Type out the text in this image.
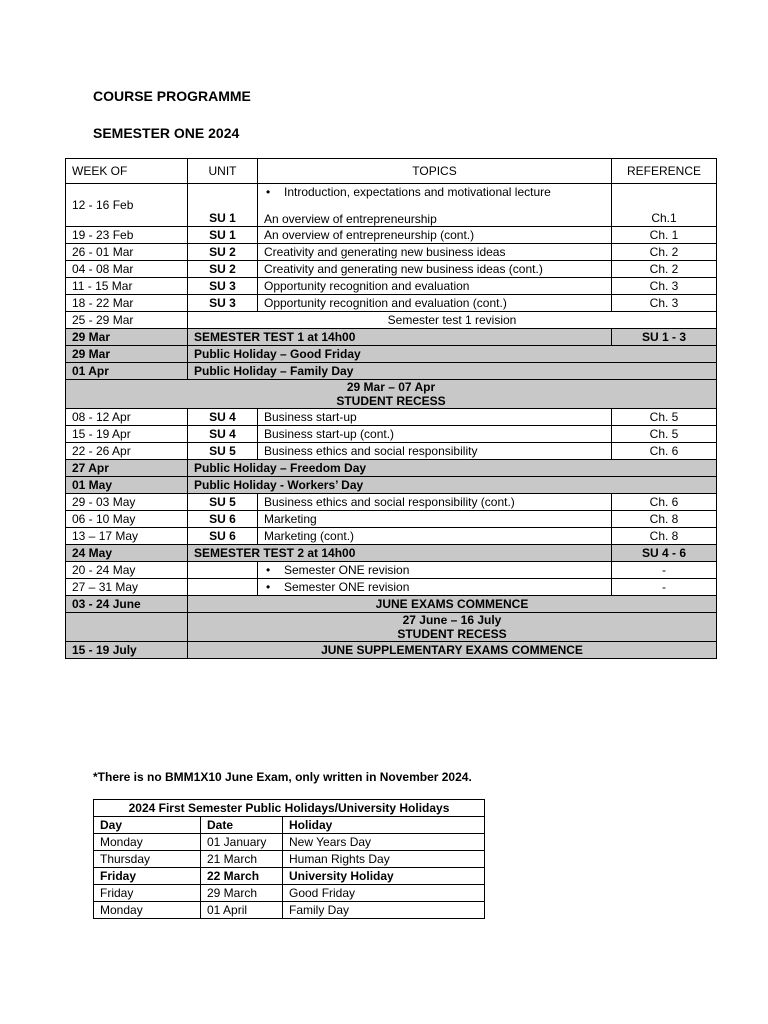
COURSE PROGRAMME
SEMESTER ONE 2024
WEEK OF	UNIT	TOPICS	REFERENCE
12 - 16 Feb	SU 1	• Introduction, expectations and motivational lecture
An overview of entrepreneurship	Ch.1

19 - 23 Feb	SU 1	An overview of entrepreneurship (cont.)	Ch. 1
26 - 01 Mar	SU 2	Creativity and generating new business ideas	Ch. 2
04 - 08 Mar	SU 2	Creativity and generating new business ideas (cont.)	Ch. 2
11 - 15 Mar	SU 3	Opportunity recognition and evaluation	Ch. 3
18 - 22 Mar	SU 3	Opportunity recognition and evaluation (cont.)	Ch. 3
25 - 29 Mar	Semester test 1 revision		
29 Mar	SEMESTER TEST 1 at 14h00		SU 1 - 3
29 Mar	Public Holiday – Good Friday		
01 Apr	Public Holiday – Family Day		

29 Mar – 07 Apr
STUDENT RECESS			

08 - 12 Apr	SU 4	Business start-up	Ch. 5
15 - 19 Apr	SU 4	Business start-up (cont.)	Ch. 5
22 - 26 Apr	SU 5	Business ethics and social responsibility	Ch. 6
27 Apr	Public Holiday – Freedom Day		
01 May	Public Holiday - Workers’ Day		
29 - 03 May	SU 5	Business ethics and social responsibility (cont.)	Ch. 6
06 - 10 May	SU 6	Marketing	Ch. 8
13 – 17 May	SU 6	Marketing (cont.)	Ch. 8
24 May	SEMESTER TEST 2 at 14h00		SU 4 - 6
20 - 24 May		• Semester ONE revision	-
27 – 31 May		• Semester ONE revision	-
03 - 24 June	JUNE EXAMS COMMENCE		

	27 June – 16 July
STUDENT RECESS		

15 - 19 July	JUNE SUPPLEMENTARY EXAMS COMMENCE		

*There is no BMM1X10 June Exam, only written in November 2024.

2024 First Semester Public Holidays/University Holidays		
Day	Date	Holiday
Monday	01 January	New Years Day
Thursday	21 March	Human Rights Day
Friday	22 March	University Holiday
Friday	29 March	Good Friday
Monday	01 April	Family Day
